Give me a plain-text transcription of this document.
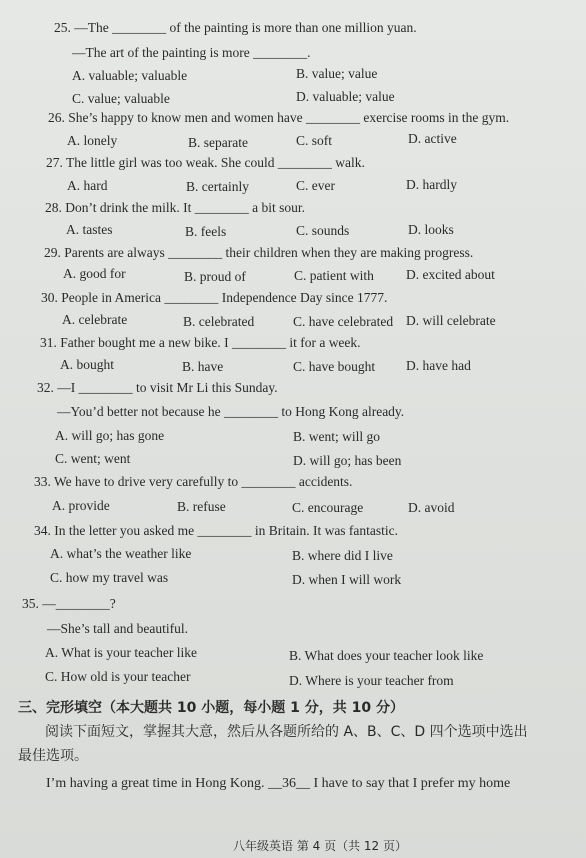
25. —The ________ of the painting is more than one million yuan.
—The art of the painting is more ________.
A. valuable; valuable	B. value; value
C. value; valuable	D. valuable; value
26. She’s happy to know men and women have ________ exercise rooms in the gym.
A. lonely	B. separate	C. soft	D. active
27. The little girl was too weak. She could ________ walk.
A. hard	B. certainly	C. ever	D. hardly
28. Don’t drink the milk. It ________ a bit sour.
A. tastes	B. feels	C. sounds	D. looks
29. Parents are always ________ their children when they are making progress.
A. good for	B. proud of	C. patient with D. excited about
30. People in America ________ Independence Day since 1777.
A. celebrate	B. celebrated	C. have celebrated D. will celebrate
31. Father bought me a new bike. I ________ it for a week.
A. bought	B. have	C. have bought D. have had
32. —I ________ to visit Mr Li this Sunday.
—You’d better not because he ________ to Hong Kong already.
A. will go; has gone	B. went; will go
C. went; went	D. will go; has been
33. We have to drive very carefully to ________ accidents.
A. provide	B. refuse	C. encourage	D. avoid
34. In the letter you asked me ________ in Britain. It was fantastic.
A. what’s the weather like	B. where did I live
C. how my travel was	D. when I will work
35. —________?
—She’s tall and beautiful.
A. What is your teacher like	B. What does your teacher look like
C. How old is your teacher	D. Where is your teacher from
三、完形填空（本大题共 10 小题，每小题 1 分，共 10 分）
阅读下面短文，掌握其大意，然后从各题所给的 A、B、C、D 四个选项中选出
最佳选项。
I’m having a great time in Hong Kong. __36__ I have to say that I prefer my home
八年级英语 第 4 页（共 12 页）
